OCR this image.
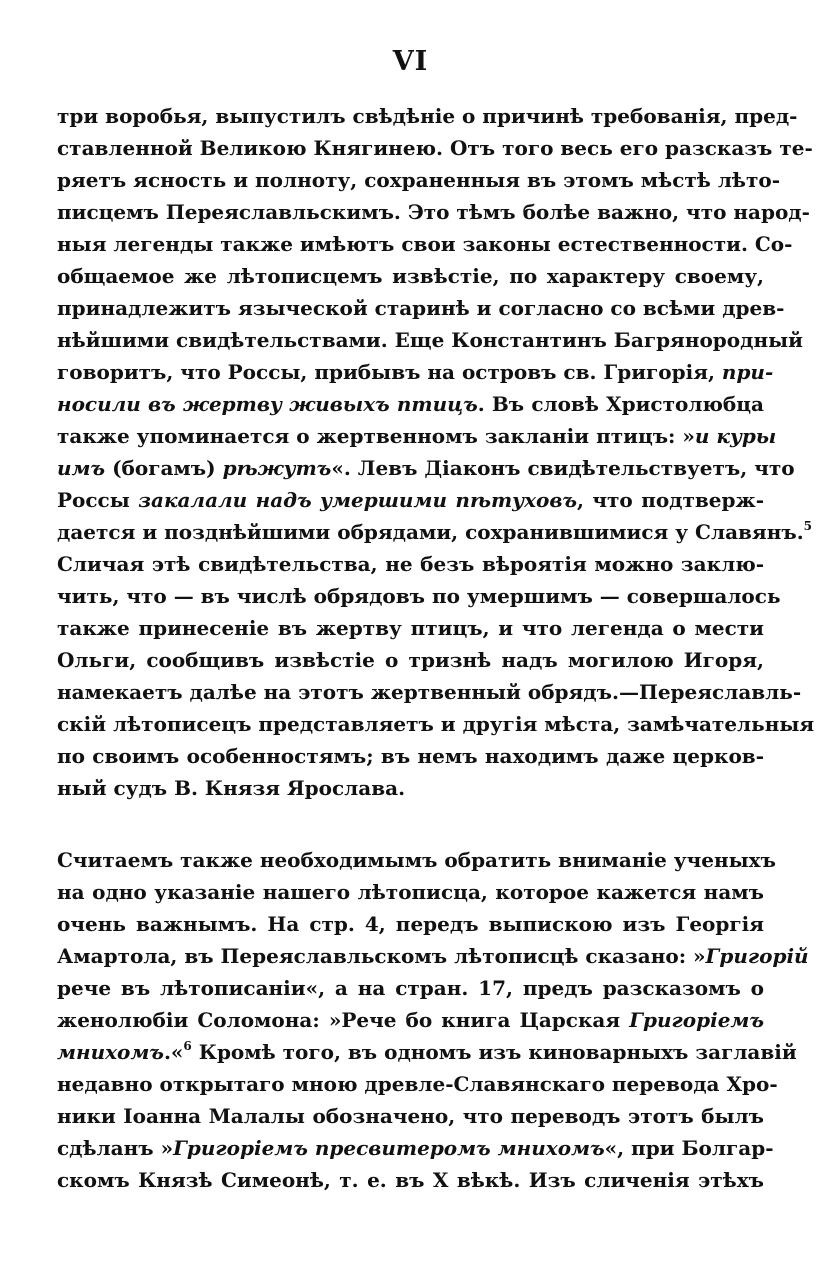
VI
три воробья, выпустилъ свѣдѣніе о причинѣ требованія, пред-
ставленной Великою Княгинею. Отъ того весь его разсказъ те-
ряетъ ясность и полноту, сохраненныя въ этомъ мѣстѣ лѣто-
писцемъ Переяславльскимъ. Это тѣмъ болѣе важно, что народ-
ныя легенды также имѣютъ свои законы естественности. Со-
общаемое же лѣтописцемъ извѣстіе, по характеру своему,
принадлежитъ языческой старинѣ и согласно со всѣми древ-
нѣйшими свидѣтельствами. Еще Константинъ Багрянородный
говоритъ, что Россы, прибывъ на островъ св. Григорія, при-
носили въ жертву живыхъ птицъ. Въ словѣ Христолюбца
также упоминается о жертвенномъ закланіи птицъ: »и куры
имъ (богамъ) рѣжутъ«. Левъ Діаконъ свидѣтельствуетъ, что
Россы закалали надъ умершими пѣтуховъ, что подтверж-
дается и позднѣйшими обрядами, сохранившимися у Славянъ.$^5$
Сличая этѣ свидѣтельства, не безъ вѣроятія можно заклю-
чить, что — въ числѣ обрядовъ по умершимъ — совершалось
также принесеніе въ жертву птицъ, и что легенда о мести
Ольги, сообщивъ извѣстіе о тризнѣ надъ могилою Игоря,
намекаетъ далѣе на этотъ жертвенный обрядъ.—Переяславль-
скій лѣтописецъ представляетъ и другія мѣста, замѣчательныя
по своимъ особенностямъ; въ немъ находимъ даже церков-
ный судъ В. Князя Ярослава.
Считаемъ также необходимымъ обратить вниманіе ученыхъ
на одно указаніе нашего лѣтописца, которое кажется намъ
очень важнымъ. На стр. 4, передъ выпискою изъ Георгія
Амартола, въ Переяславльскомъ лѣтописцѣ сказано: »Григорій
рече въ лѣтописаніи«, а на стран. 17, предъ разсказомъ о
женолюбіи Соломона: »Рече бо книга Царская Григоріемъ
мнихомъ.«$^6$ Кромѣ того, въ одномъ изъ киноварныхъ заглавій
недавно открытаго мною древле-Славянскаго перевода Хро-
ники Іоанна Малалы обозначено, что переводъ этотъ былъ
сдѣланъ »Григоріемъ пресвитеромъ мнихомъ«, при Болгар-
скомъ Князѣ Симеонѣ, т. е. въ X вѣкѣ. Изъ сличенія этѣхъ
